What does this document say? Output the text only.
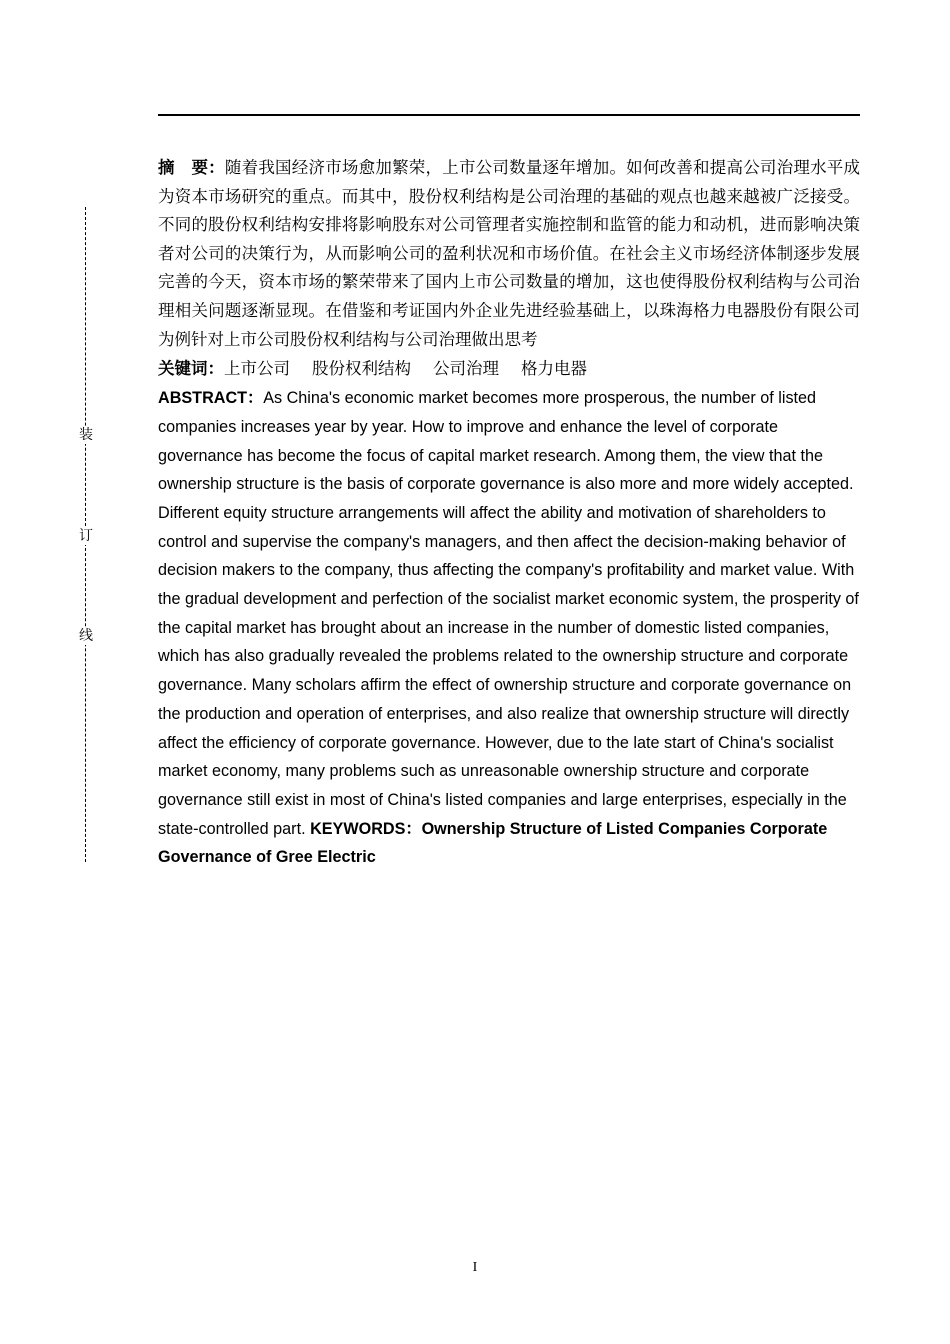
装
订
线

摘　要：随着我国经济市场愈加繁荣，上市公司数量逐年增加。如何改善和提高公司治理水平成为资本市场研究的重点。而其中，股份权利结构是公司治理的基础的观点也越来越被广泛接受。不同的股份权利结构安排将影响股东对公司管理者实施控制和监管的能力和动机，进而影响决策者对公司的决策行为，从而影响公司的盈利状况和市场价值。在社会主义市场经济体制逐步发展完善的今天，资本市场的繁荣带来了国内上市公司数量的增加，这也使得股份权利结构与公司治理相关问题逐渐显现。在借鉴和考证国内外企业先进经验基础上，以珠海格力电器股份有限公司为例针对上市公司股份权利结构与公司治理做出思考

关键词：上市公司 股份权利结构 公司治理 格力电器

ABSTRACT：As China's economic market becomes more prosperous, the number of listed companies increases year by year. How to improve and enhance the level of corporate governance has become the focus of capital market research. Among them, the view that the ownership structure is the basis of corporate governance is also more and more widely accepted. Different equity structure arrangements will affect the ability and motivation of shareholders to control and supervise the company's managers, and then affect the decision-making behavior of decision makers to the company, thus affecting the company's profitability and market value. With the gradual development and perfection of the socialist market economic system, the prosperity of the capital market has brought about an increase in the number of domestic listed companies, which has also gradually revealed the problems related to the ownership structure and corporate governance. Many scholars affirm the effect of ownership structure and corporate governance on the production and operation of enterprises, and also realize that ownership structure will directly affect the efficiency of corporate governance. However, due to the late start of China's socialist market economy, many problems such as unreasonable ownership structure and corporate governance still exist in most of China's listed companies and large enterprises, especially in the state-controlled part. KEYWORDS：Ownership Structure of Listed Companies Corporate Governance of Gree Electric

I
